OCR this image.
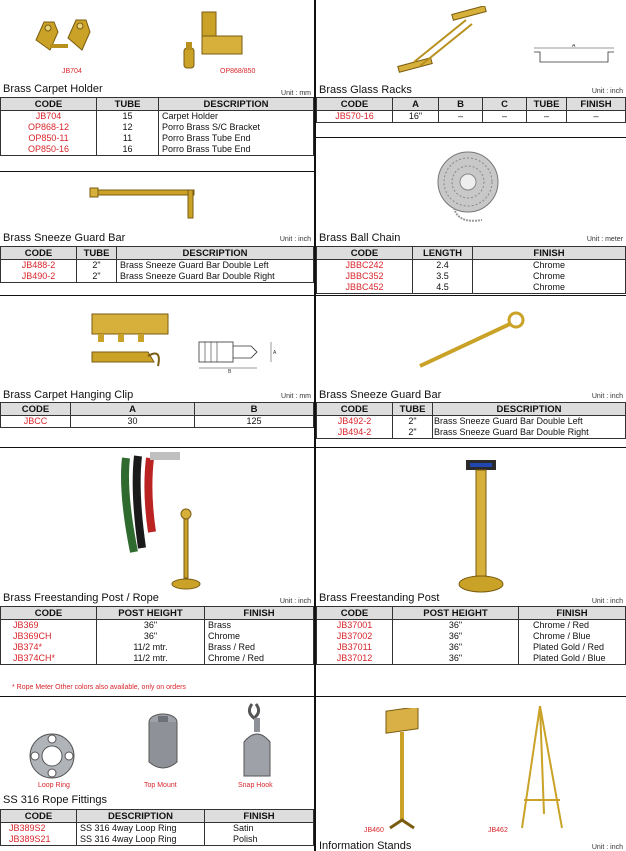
JB704	OP868/850
Brass Carpet Holder	Unit : mm
CODE	TUBE	DESCRIPTION
JB704	15	Carpet Holder
OP868-12	12	Porro Brass S/C Bracket
OP850-11	11	Porro Brass Tube End
OP850-16	16	Porro Brass Tube End
Brass Sneeze Guard Bar	Unit : inch
CODE	TUBE	DESCRIPTION
JB488-2	2"	Brass Sneeze Guard Bar Double Left
JB490-2	2"	Brass Sneeze Guard Bar Double Right
B
A
Brass Carpet Hanging Clip	Unit : mm
CODE	A	B
JBCC	30	125
Brass Freestanding Post / Rope	Unit : inch
CODE	POST HEIGHT	FINISH
JB369	36"	Brass
JB369CH	36"	Chrome
JB374*	11/2 mtr.	Brass / Red
JB374CH*	11/2 mtr.	Chrome / Red
* Rope Meter Other colors also available, only on orders
Loop Ring	Top Mount	Snap Hook
SS 316 Rope Fittings
CODE	DESCRIPTION	FINISH
JB389S2	SS 316 4way Loop Ring	Satin
JB389S21	SS 316 4way Loop Ring	Polish
A
Brass Glass Racks	Unit : inch
CODE	A	B	C	TUBE	FINISH
JB570-16	16"	–	–	–	–
Brass Ball Chain	Unit : meter
CODE	LENGTH	FINISH
JBBC242	2.4	Chrome
JBBC352	3.5	Chrome
JBBC452	4.5	Chrome
Brass Sneeze Guard Bar	Unit : inch
CODE	TUBE	DESCRIPTION
JB492-2	2"	Brass Sneeze Guard Bar Double Left
JB494-2	2"	Brass Sneeze Guard Bar Double Right
Brass Freestanding Post	Unit : inch
CODE	POST HEIGHT	FINISH
JB37001	36"	Chrome / Red
JB37002	36"	Chrome / Blue
JB37011	36"	Plated Gold / Red
JB37012	36"	Plated Gold / Blue
JB460	JB462
Information Stands	Unit : inch
